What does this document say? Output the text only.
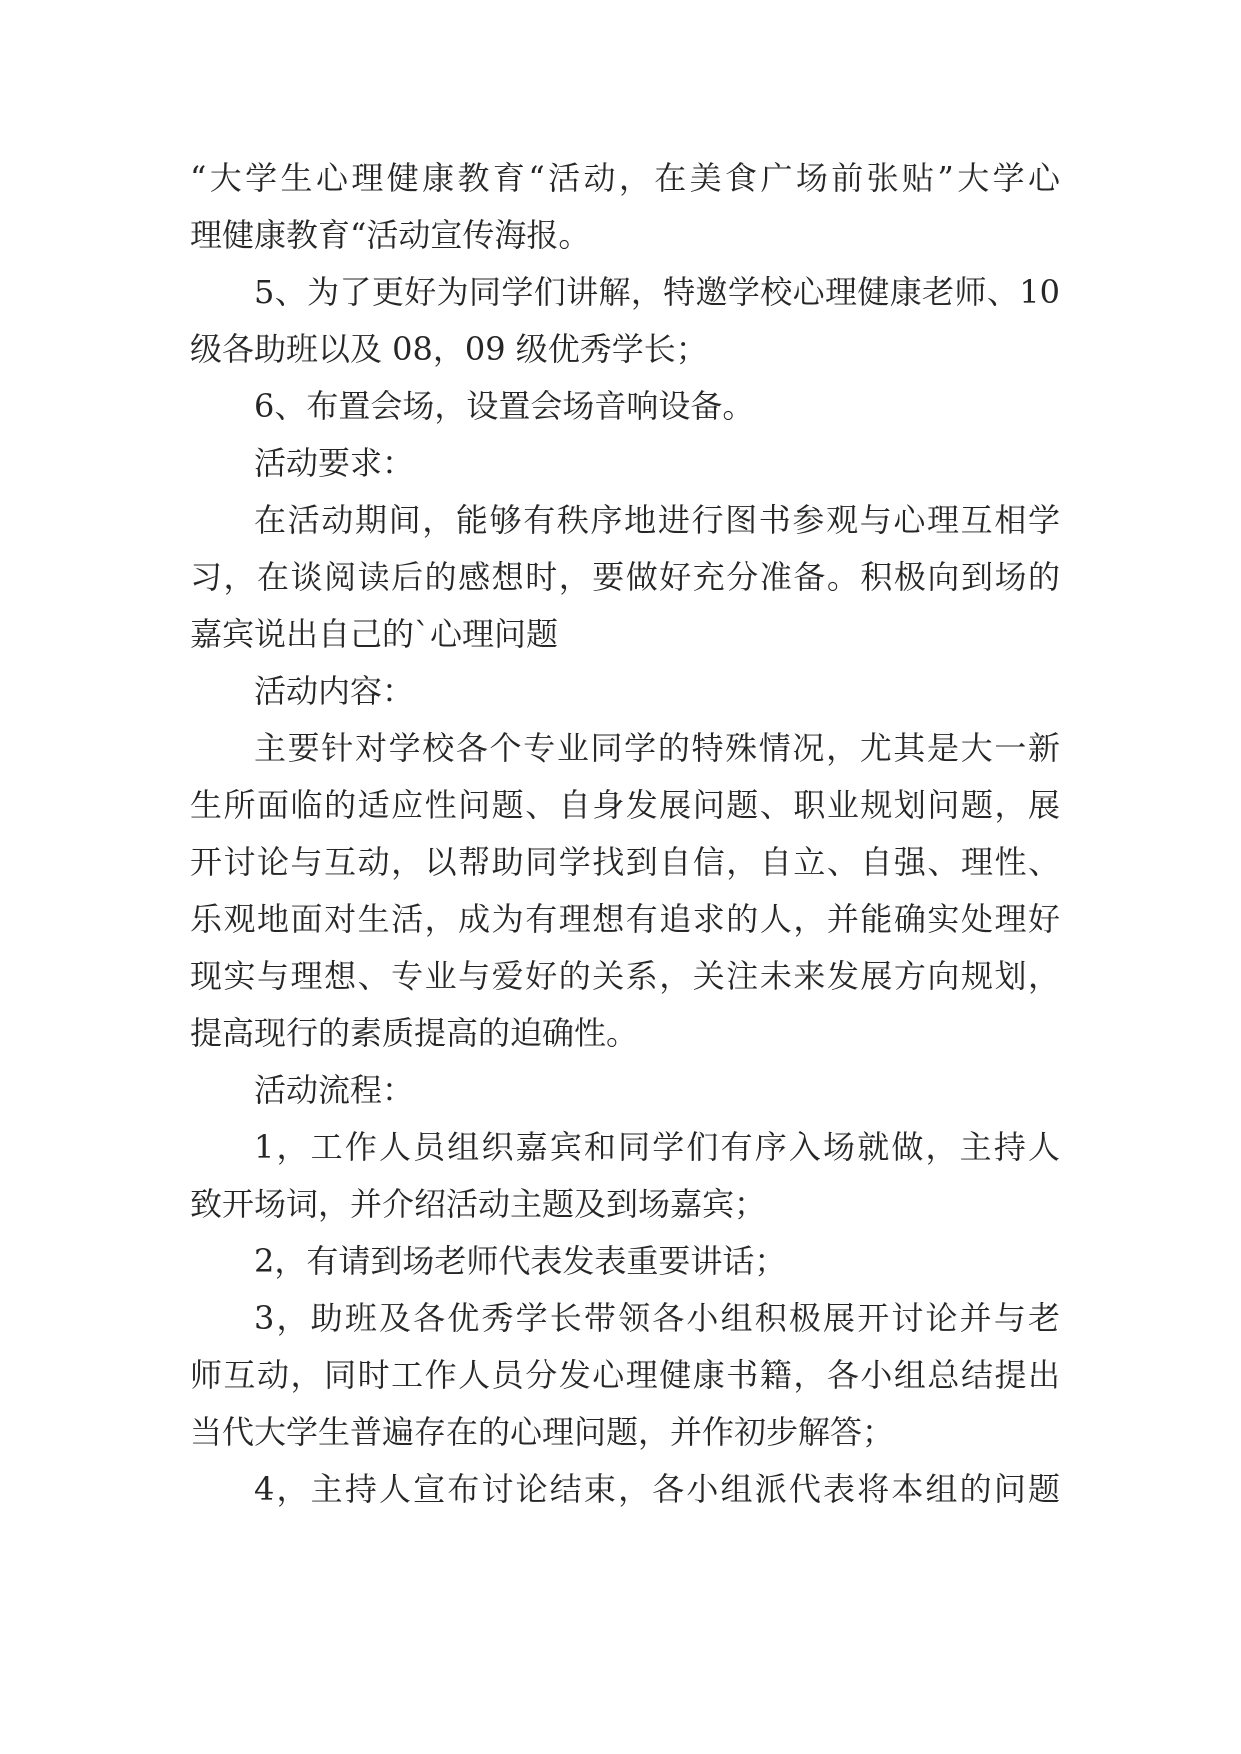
“大学生心理健康教育“活动，在美食广场前张贴”大学心
理健康教育“活动宣传海报。
5、为了更好为同学们讲解，特邀学校心理健康老师、10
级各助班以及 08，09 级优秀学长；
6、布置会场，设置会场音响设备。
活动要求：
在活动期间，能够有秩序地进行图书参观与心理互相学
习，在谈阅读后的感想时，要做好充分准备。积极向到场的
嘉宾说出自己的`心理问题
活动内容：
主要针对学校各个专业同学的特殊情况，尤其是大一新
生所面临的适应性问题、自身发展问题、职业规划问题，展
开讨论与互动，以帮助同学找到自信，自立、自强、理性、
乐观地面对生活，成为有理想有追求的人，并能确实处理好
现实与理想、专业与爱好的关系，关注未来发展方向规划，
提高现行的素质提高的迫确性。
活动流程：
1，工作人员组织嘉宾和同学们有序入场就做，主持人
致开场词，并介绍活动主题及到场嘉宾；
2，有请到场老师代表发表重要讲话；
3，助班及各优秀学长带领各小组积极展开讨论并与老
师互动，同时工作人员分发心理健康书籍，各小组总结提出
当代大学生普遍存在的心理问题，并作初步解答；
4，主持人宣布讨论结束，各小组派代表将本组的问题
